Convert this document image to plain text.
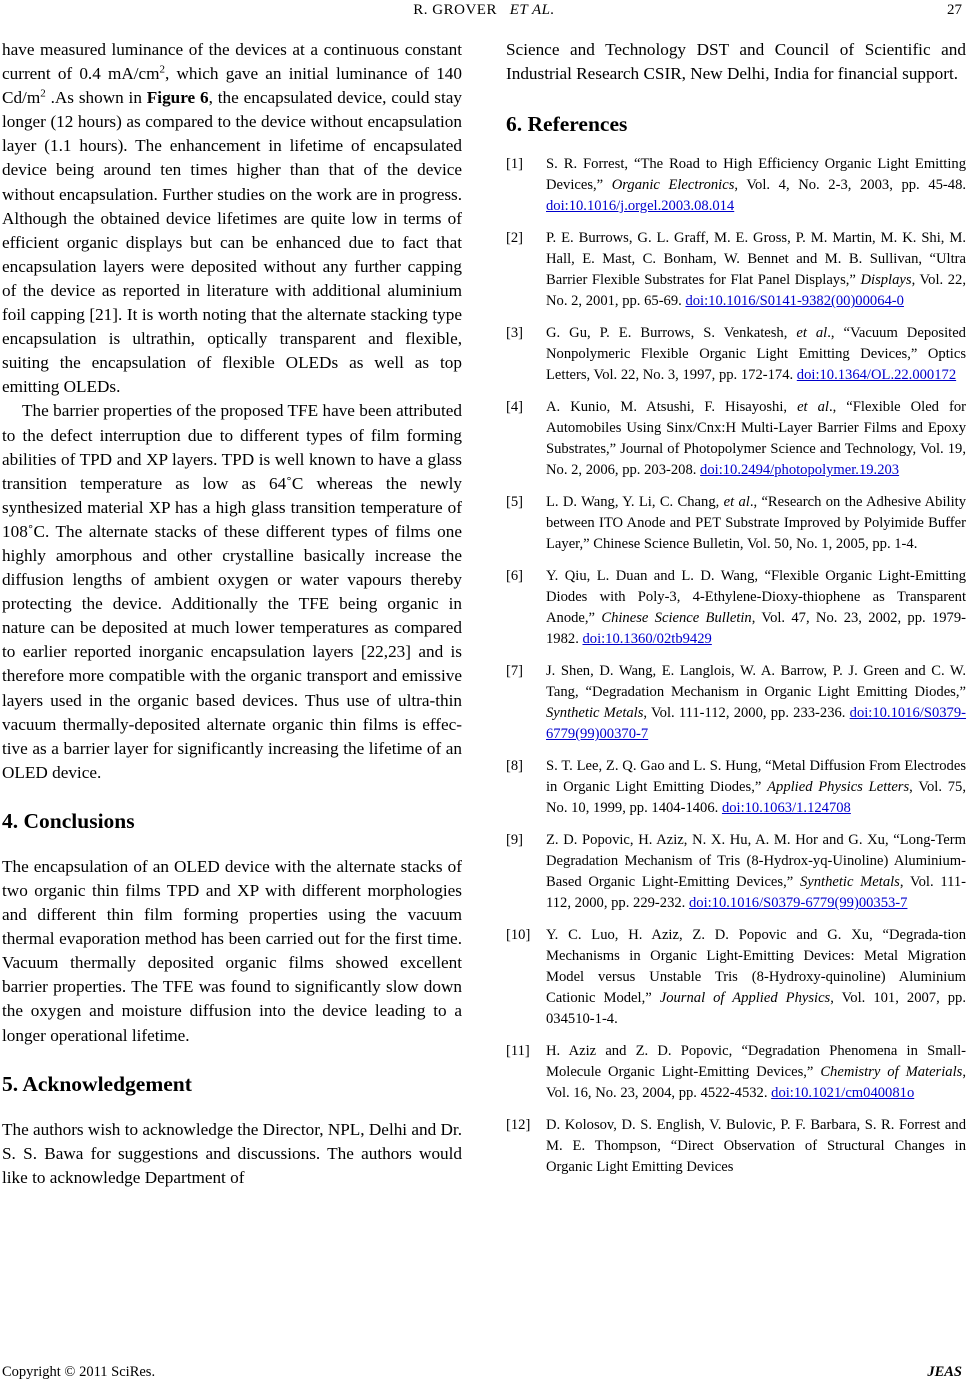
R. GROVER ET AL.	27

have measured luminance of the devices at a continuous constant current of 0.4 $mA/cm^2$, which gave an initial luminance of 140 $Cd/m^2$ .As shown in Figure 6, the encapsulated device, could stay longer (12 hours) as compared to the device without encapsulation layer (1.1 hours). The enhancement in lifetime of encapsulated device being around ten times higher than that of the device without encapsulation. Further studies on the work are in progress. Although the obtained device lifetimes are quite low in terms of efficient organic displays but can be enhanced due to fact that encapsulation layers were deposited without any further capping of the device as reported in literature with additional aluminium foil capping [21]. It is worth noting that the alternate stacking type encapsulation is ultrathin, optically transparent and flexible, suiting the encapsulation of flexible OLEDs as well as top emitting OLEDs.

The barrier properties of the proposed TFE have been attributed to the defect interruption due to different types of film forming abilities of TPD and XP layers. TPD is well known to have a glass transition temperature as low as 64˚C whereas the newly synthesized material XP has a high glass transition temperature of 108˚C. The alternate stacks of these different types of films one highly amorphous and other crystalline basically increase the diffusion lengths of ambient oxygen or water vapours thereby protecting the device. Additionally the TFE being organic in nature can be deposited at much lower temperatures as compared to earlier reported inorganic encapsulation layers [22,23] and is therefore more compatible with the organic transport and emissive layers used in the organic based devices. Thus use of ultra-thin vacuum thermally-deposited alternate organic thin films is effective as a barrier layer for significantly increasing the lifetime of an OLED device.

4. Conclusions

The encapsulation of an OLED device with the alternate stacks of two organic thin films TPD and XP with different morphologies and different thin film forming properties using the vacuum thermal evaporation method has been carried out for the first time. Vacuum thermally deposited organic films showed excellent barrier properties. The TFE was found to significantly slow down the oxygen and moisture diffusion into the device leading to a longer operational lifetime.

5. Acknowledgement

The authors wish to acknowledge the Director, NPL, Delhi and Dr. S. S. Bawa for suggestions and discussions. The authors would like to acknowledge Department of

Science and Technology DST and Council of Scientific and Industrial Research CSIR, New Delhi, India for financial support.

6. References
[1] S. R. Forrest, “The Road to High Efficiency Organic Light Emitting Devices,” Organic Electronics, Vol. 4, No. 2-3, 2003, pp. 45-48. doi:10.1016/j.orgel.2003.08.014
[2] P. E. Burrows, G. L. Graff, M. E. Gross, P. M. Martin, M. K. Shi, M. Hall, E. Mast, C. Bonham, W. Bennet and M. B. Sullivan, “Ultra Barrier Flexible Substrates for Flat Panel Displays,” Displays, Vol. 22, No. 2, 2001, pp. 65-69. doi:10.1016/S0141-9382(00)00064-0
[3] G. Gu, P. E. Burrows, S. Venkatesh, et al., “Vacuum Deposited Nonpolymeric Flexible Organic Light Emitting Devices,” Optics Letters, Vol. 22, No. 3, 1997, pp. 172-174. doi:10.1364/OL.22.000172
[4] A. Kunio, M. Atsushi, F. Hisayoshi, et al., “Flexible Oled for Automobiles Using Sinx/Cnx:H Multi-Layer Barrier Films and Epoxy Substrates,” Journal of Photopolymer Science and Technology, Vol. 19, No. 2, 2006, pp. 203-208. doi:10.2494/photopolymer.19.203
[5] L. D. Wang, Y. Li, C. Chang, et al., “Research on the Adhesive Ability between ITO Anode and PET Substrate Improved by Polyimide Buffer Layer,” Chinese Science Bulletin, Vol. 50, No. 1, 2005, pp. 1-4.
[6] Y. Qiu, L. Duan and L. D. Wang, “Flexible Organic Light-Emitting Diodes with Poly-3, 4-Ethylene-Dioxy-thiophene as Transparent Anode,” Chinese Science Bulletin, Vol. 47, No. 23, 2002, pp. 1979-1982. doi:10.1360/02tb9429
[7] J. Shen, D. Wang, E. Langlois, W. A. Barrow, P. J. Green and C. W. Tang, “Degradation Mechanism in Organic Light Emitting Diodes,” Synthetic Metals, Vol. 111-112, 2000, pp. 233-236. doi:10.1016/S0379-6779(99)00370-7
[8] S. T. Lee, Z. Q. Gao and L. S. Hung, “Metal Diffusion From Electrodes in Organic Light Emitting Diodes,” Applied Physics Letters, Vol. 75, No. 10, 1999, pp. 1404-1406. doi:10.1063/1.124708
[9] Z. D. Popovic, H. Aziz, N. X. Hu, A. M. Hor and G. Xu, “Long-Term Degradation Mechanism of Tris (8-Hydrox-yq-Uinoline) Aluminium-Based Organic Light-Emitting Devices,” Synthetic Metals, Vol. 111-112, 2000, pp. 229-232. doi:10.1016/S0379-6779(99)00353-7
[10] Y. C. Luo, H. Aziz, Z. D. Popovic and G. Xu, “Degrada-tion Mechanisms in Organic Light-Emitting Devices: Metal Migration Model versus Unstable Tris (8-Hydroxy-quinoline) Aluminium Cationic Model,” Journal of Applied Physics, Vol. 101, 2007, pp. 034510-1-4.
[11] H. Aziz and Z. D. Popovic, “Degradation Phenomena in Small-Molecule Organic Light-Emitting Devices,” Chemistry of Materials, Vol. 16, No. 23, 2004, pp. 4522-4532. doi:10.1021/cm040081o
[12] D. Kolosov, D. S. English, V. Bulovic, P. F. Barbara, S. R. Forrest and M. E. Thompson, “Direct Observation of Structural Changes in Organic Light Emitting Devices
Copyright © 2011 SciRes.	JEAS
